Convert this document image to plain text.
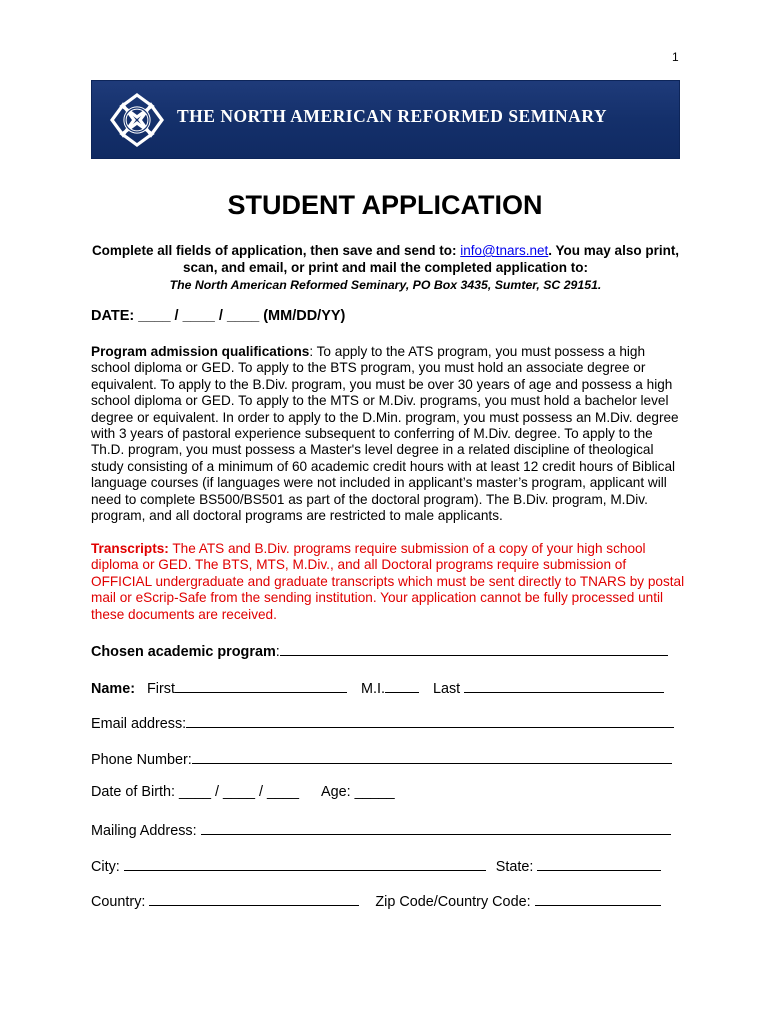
1
THE NORTH AMERICAN REFORMED SEMINARY
STUDENT APPLICATION
Complete all fields of application, then save and send to: info@tnars.net. You may also print, scan, and email, or print and mail the completed application to:
The North American Reformed Seminary, PO Box 3435, Sumter, SC 29151.
DATE: ____ / ____ / ____ (MM/DD/YY)
Program admission qualifications: To apply to the ATS program, you must possess a high school diploma or GED. To apply to the BTS program, you must hold an associate degree or equivalent. To apply to the B.Div. program, you must be over 30 years of age and possess a high school diploma or GED. To apply to the MTS or M.Div. programs, you must hold a bachelor level degree or equivalent. In order to apply to the D.Min. program, you must possess an M.Div. degree with 3 years of pastoral experience subsequent to conferring of M.Div. degree. To apply to the Th.D. program, you must possess a Master's level degree in a related discipline of theological study consisting of a minimum of 60 academic credit hours with at least 12 credit hours of Biblical language courses (if languages were not included in applicant’s master’s program, applicant will need to complete BS500/BS501 as part of the doctoral program). The B.Div. program, M.Div. program, and all doctoral programs are restricted to male applicants.
Transcripts: The ATS and B.Div. programs require submission of a copy of your high school diploma or GED. The BTS, MTS, M.Div., and all Doctoral programs require submission of OFFICIAL undergraduate and graduate transcripts which must be sent directly to TNARS by postal mail or eScrip-Safe from the sending institution. Your application cannot be fully processed until these documents are received.
Chosen academic program:
Name: First	M.I.	Last
Email address:
Phone Number:
Date of Birth: ____ / ____ / ____ Age: _____
Mailing Address:
City:	State:
Country:	Zip Code/Country Code:
